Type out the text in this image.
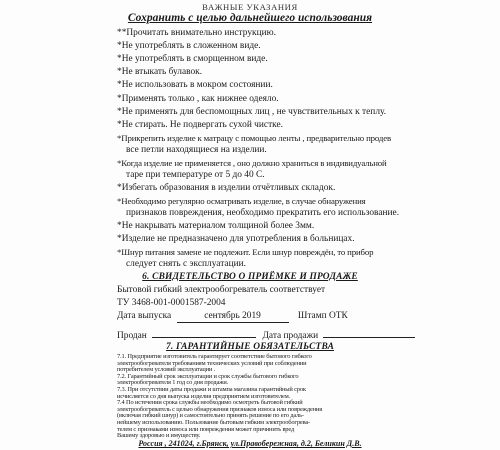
ВАЖНЫЕ УКАЗАНИЯ
Сохранить с целью дальнейшего использования
**Прочитать внимательно инструкцию.
*Не употреблять в сложенном виде.
*Не употреблять в смоpщенном виде.
*Не втыкать булавок.
*Не использовать в мокром состоянии.
*Применять только , как нижнее одеяло.
*Не применять для беспомощных лиц , не чувствительных к теплу.
*Не стирать. Не подвергать сухой чистке.
*Прикрепить изделие к матрацу с помощью ленты , предварительно продев
все петли находящиеся на изделии.
*Когда изделие не применяется , оно должно храниться в индивидуальной
таре при температуре от 5 до 40 С.
*Избегать образования в изделии отчётливых складок.
*Необходимо регулярно осматривать изделие, в случае обнаружения
признаков повреждения, необходимо прекратить его использование.
*Не накрывать материалом толщиной более 3мм.
*Изделие не предназначено для употребления в больницах.
*Шнур питания замене не подлежит. Если шнур повреждён, то прибор
следует снять с эксплуатации.
6. СВИДЕТЕЛЬСТВО О ПРИЁМКЕ И ПРОДАЖЕ
Бытовой гибкий электрообогреватель соответствует
ТУ 3468-001-0001587-2004
Дата выпуска	сентябрь 2019	Штамп ОТК
Продан	Дата продажи
7. ГАРАНТИЙНЫЕ ОБЯЗАТЕЛЬСТВА
7.1. Предприятие изготовитель гарантирует соответствие бытового гибкого
электрообогревателя требованиям технических условий при соблюдении
потребителем условий эксплуатации .
7.2. Гарантийный срок эксплуатации и срок службы бытового гибкого
электрообогревателя 1 год со дня продажи.
7.3. При отсутствии даты продажи и штампа магазина гарантийный срок
исчисляется со дня выпуска изделия предприятием изготовителем.
7.4 По истечении срока службы необходимо осмотреть бытовой гибкий
электрообогреватель с целью обнаружения признаков износа или повреждения
(включая гибкий шнур) и самостоятельно принять решение по его даль-
нейшему использованию. Пользование бытовым гибким электрообогрева-
телем с признаками износа или повреждения может причинить вред
Вашему здоровью и имуществу.
Россия , 241024, г.Брянск, ул.Правобережная, д.2, Беликин Д.В.
